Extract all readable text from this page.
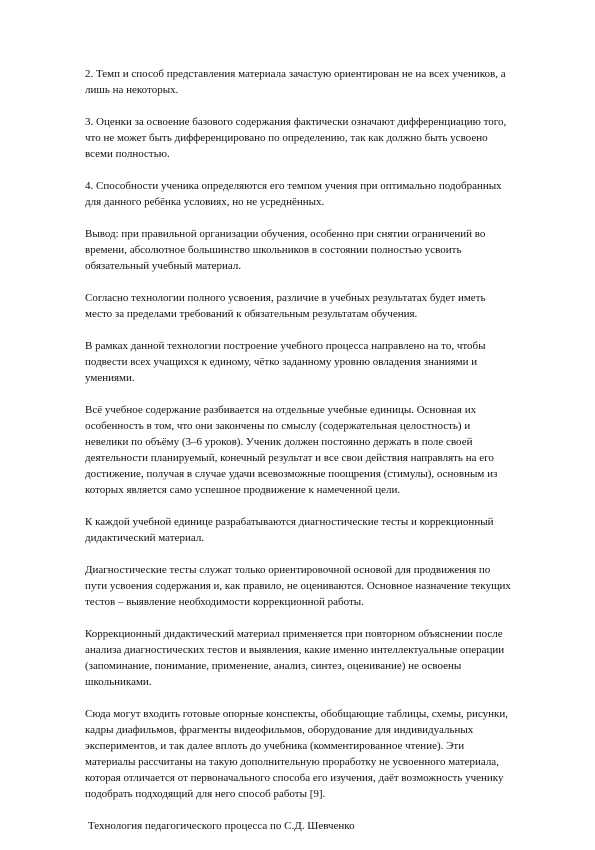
2. Темп и способ представления материала зачастую ориентирован не на всех учеников, а лишь на некоторых.

3. Оценки за освоение базового содержания фактически означают дифференциацию того, что не может быть дифференцировано по определению, так как должно быть усвоено всеми полностью.

4. Способности ученика определяются его темпом учения при оптимально подобранных для данного ребёнка условиях, но не усреднённых.

Вывод: при правильной организации обучения, особенно при снятии ограничений во времени, абсолютное большинство школьников в состоянии полностью усвоить обязательный учебный материал.

Согласно технологии полного усвоения, различие в учебных результатах будет иметь место за пределами требований к обязательным результатам обучения.

В рамках данной технологии построение учебного процесса направлено на то, чтобы подвести всех учащихся к единому, чётко заданному уровню овладения знаниями и умениями.

Всё учебное содержание разбивается на отдельные учебные единицы. Основная их особенность в том, что они закончены по смыслу (содержательная целостность) и невелики по объёму (3–6 уроков). Ученик должен постоянно держать в поле своей деятельности планируемый, конечный результат и все свои действия направлять на его достижение, получая в случае удачи всевозможные поощрения (стимулы), основным из которых является само успешное продвижение к намеченной цели.

К каждой учебной единице разрабатываются диагностические тесты и коррекционный дидактический материал.

Диагностические тесты служат только ориентировочной основой для продвижения по пути усвоения содержания и, как правило, не оцениваются. Основное назначение текущих тестов – выявление необходимости коррекционной работы.

Коррекционный дидактический материал применяется при повторном объяснении после анализа диагностических тестов и выявления, какие именно интеллектуальные операции (запоминание, понимание, применение, анализ, синтез, оценивание) не освоены школьниками.

Сюда могут входить готовые опорные конспекты, обобщающие таблицы, схемы, рисунки, кадры диафильмов, фрагменты видеофильмов, оборудование для индивидуальных экспериментов, и так далее вплоть до учебника (комментированное чтение). Эти материалы рассчитаны на такую дополнительную проработку не усвоенного материала, которая отличается от первоначального способа его изучения, даёт возможность ученику подобрать подходящий для него способ работы [9].

Технология педагогического процесса по С.Д. Шевченко
